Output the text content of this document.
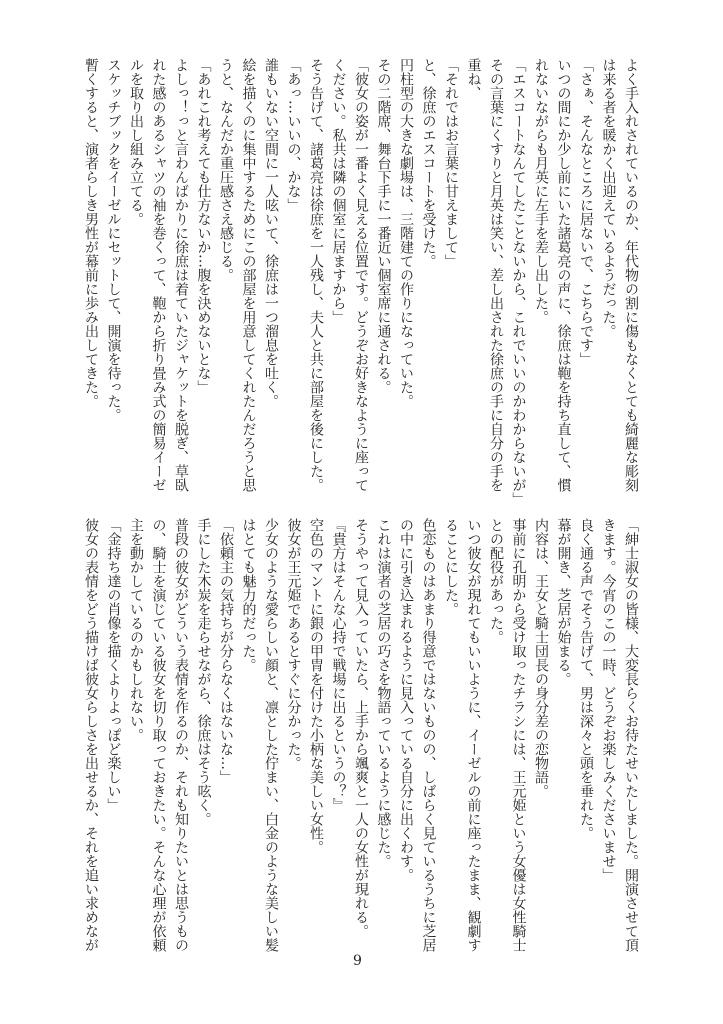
よく手入れされているのか、年代物の割に傷もなくとても綺麗な彫刻
は来る者を暖かく出迎えているようだった。
「さぁ、そんなところに居ないで、こちらです」
いつの間にか少し前にいた諸葛亮の声に、徐庶は鞄を持ち直して、慣
れないながらも月英に左手を差し出した。
「エスコートなんてしたことないから、これでいいのかわからないが」
その言葉にくすりと月英は笑い、差し出された徐庶の手に自分の手を
重ね、
「それではお言葉に甘えまして」
と、徐庶のエスコートを受けた。
円柱型の大きな劇場は、三階建ての作りになっていた。
その二階席、舞台下手に一番近い個室席に通される。
「彼女の姿が一番よく見える位置です。どうぞお好きなように座って
ください。私共は隣の個室に居ますから」
そう告げて、諸葛亮は徐庶を一人残し、夫人と共に部屋を後にした。
「あっ…いいの、かな」
誰もいない空間に一人呟いて、徐庶は一つ溜息を吐く。
絵を描くのに集中するためにこの部屋を用意してくれたんだろうと思
うと、なんだか重圧感さえ感じる。
「あれこれ考えても仕方ないか…腹を決めないとな」
よしっ！っと言わんばかりに徐庶は着ていたジャケットを脱ぎ、草臥
れた感のあるシャツの袖を巻くって、鞄から折り畳み式の簡易イーゼ
ルを取り出し組み立てる。
スケッチブックをイーゼルにセットして、開演を待った。
暫くすると、演者らしき男性が幕前に歩み出してきた。
「紳士淑女の皆様、大変長らくお待たせいたしました。開演させて頂
きます。今宵のこの一時、どうぞお楽しみくださいませ」
良く通る声でそう告げて、男は深々と頭を垂れた。
幕が開き、芝居が始まる。
内容は、王女と騎士団長の身分差の恋物語。
事前に孔明から受け取ったチラシには、王元姫という女優は女性騎士
との配役があった。
いつ彼女が現れてもいいように、イーゼルの前に座ったまま、観劇す
ることにした。
色恋ものはあまり得意ではないものの、しばらく見ているうちに芝居
の中に引き込まれるように見入っている自分に出くわす。
これは演者の芝居の巧さを物語っているように感じた。
そうやって見入っていたら、上手から颯爽と一人の女性が現れる。
『貴方はそんな心持で戦場に出るというの？』
空色のマントに銀の甲冑を付けた小柄な美しい女性。
彼女が王元姫であるとすぐに分かった。
少女のような愛らしい顔と、凛とした佇まい、白金のような美しい髪
はとても魅力的だった。
「依頼主の気持ちが分らなくはないな…」
手にした木炭を走らせながら、徐庶はそう呟く。
普段の彼女がどういう表情を作るのか、それも知りたいとは思うもの
の、騎士を演じている彼女を切り取っておきたい。そんな心理が依頼
主を動かしているのかもしれない。
「金持ち達の肖像を描くよりよっぽど楽しい」
彼女の表情をどう描けば彼女らしさを出せるか、それを追い求めなが
9
